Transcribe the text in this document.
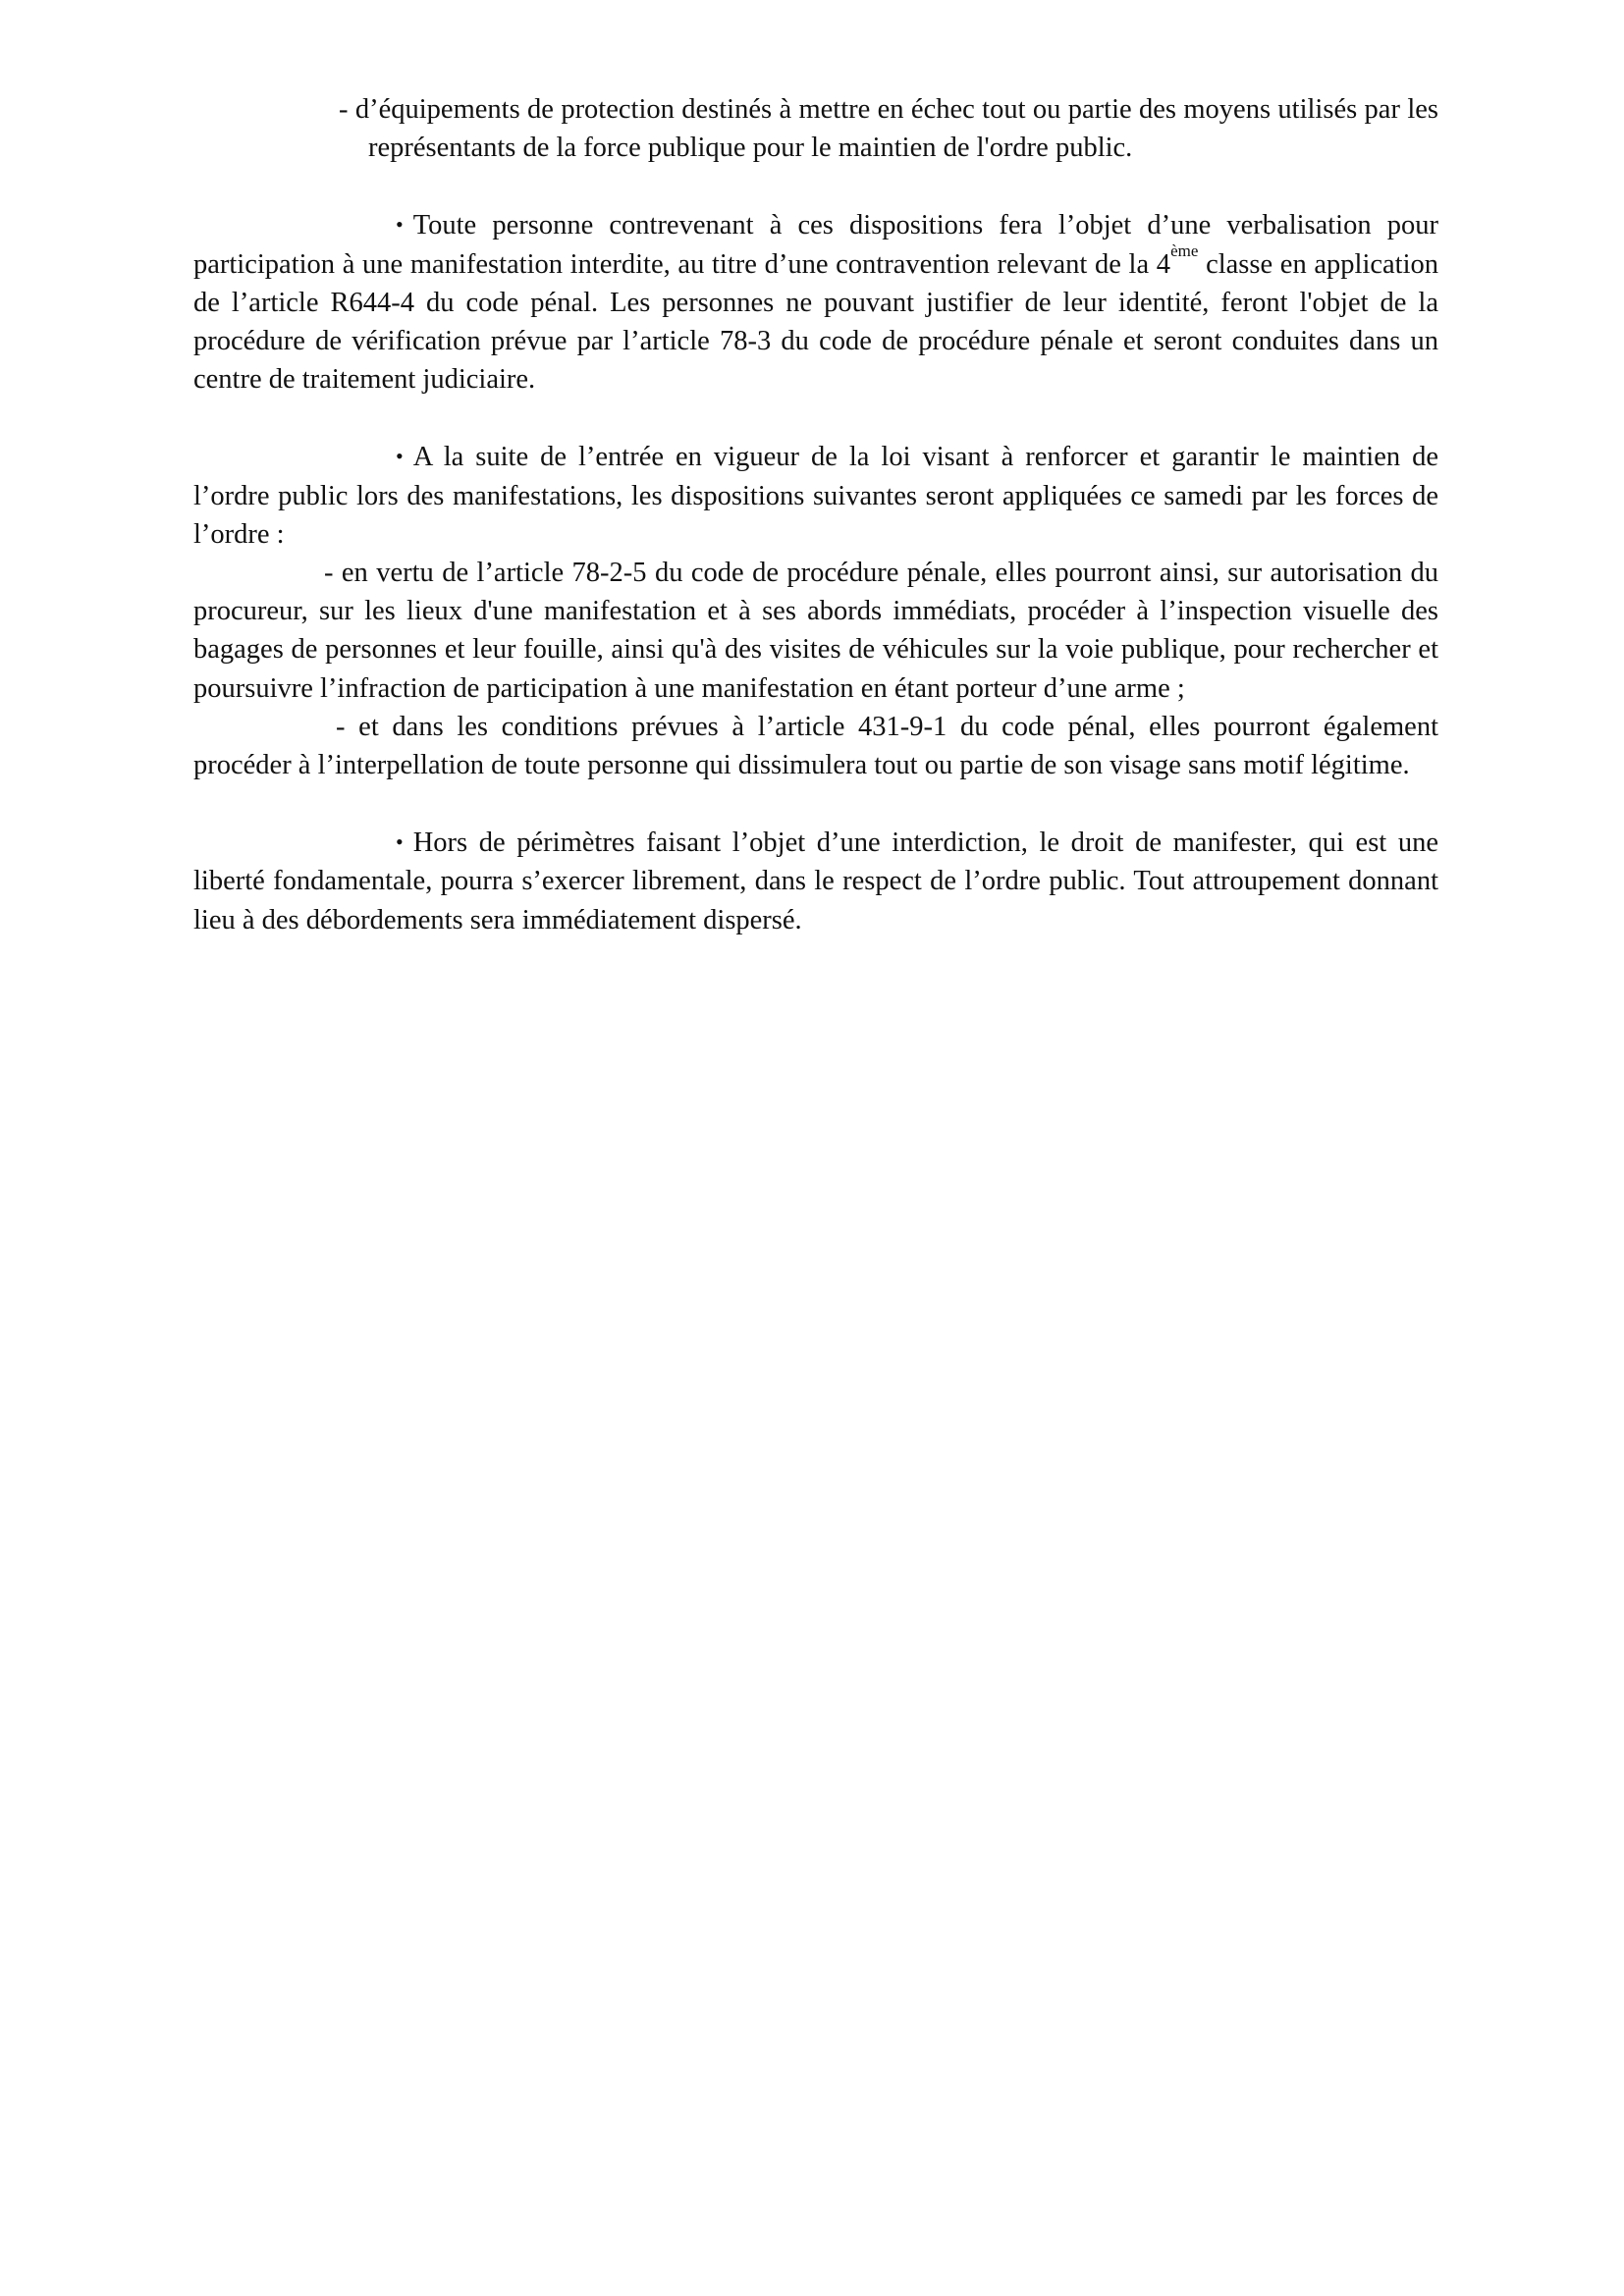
- d’équipements de protection destinés à mettre en échec tout ou partie des moyens utilisés par les représentants de la force publique pour le maintien de l'ordre public.

• Toute personne contrevenant à ces dispositions fera l’objet d’une verbalisation pour participation à une manifestation interdite, au titre d’une contravention relevant de la 4ème classe en application de l’article R644-4 du code pénal. Les personnes ne pouvant justifier de leur identité, feront l'objet de la procédure de vérification prévue par l’article 78-3 du code de procédure pénale et seront conduites dans un centre de traitement judiciaire.

• A la suite de l’entrée en vigueur de la loi visant à renforcer et garantir le maintien de l’ordre public lors des manifestations, les dispositions suivantes seront appliquées ce samedi par les forces de l’ordre :

- en vertu de l’article 78-2-5 du code de procédure pénale, elles pourront ainsi, sur autorisation du procureur, sur les lieux d'une manifestation et à ses abords immédiats, procéder à l’inspection visuelle des bagages de personnes et leur fouille, ainsi qu'à des visites de véhicules sur la voie publique, pour rechercher et poursuivre l’infraction de participation à une manifestation en étant porteur d’une arme ;

- et dans les conditions prévues à l’article 431-9-1 du code pénal, elles pourront également procéder à l’interpellation de toute personne qui dissimulera tout ou partie de son visage sans motif légitime.

• Hors de périmètres faisant l’objet d’une interdiction, le droit de manifester, qui est une liberté fondamentale, pourra s’exercer librement, dans le respect de l’ordre public. Tout attroupement donnant lieu à des débordements sera immédiatement dispersé.
